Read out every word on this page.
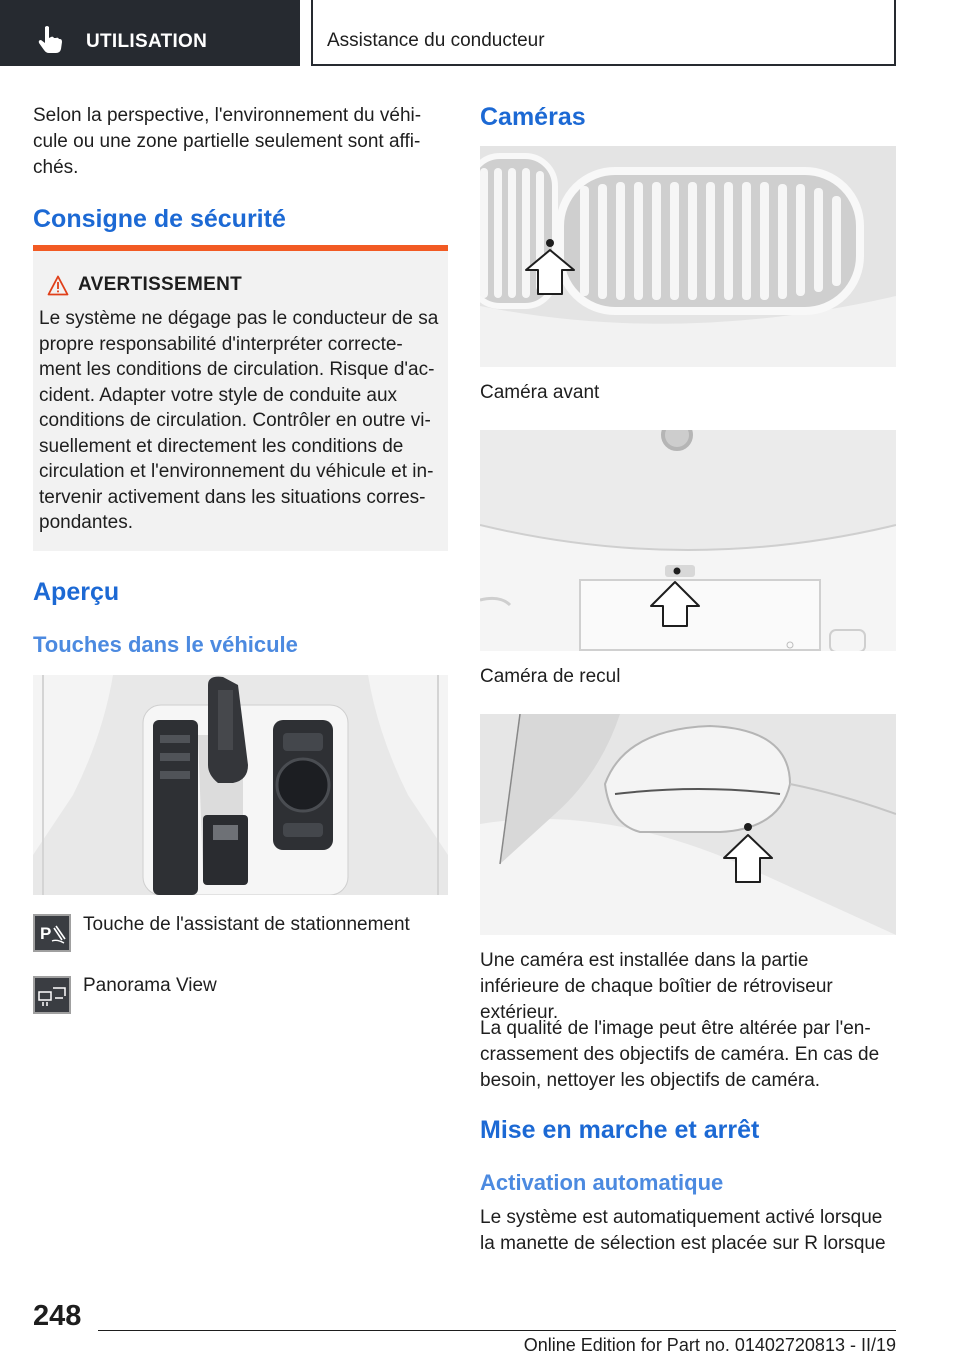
UTILISATION	Assistance du conducteur

Selon la perspective, l'environnement du véhi‐cule ou une zone partielle seulement sont affi‐chés.

Consigne de sécurité
AVERTISSEMENT

Le système ne dégage pas le conducteur de sa propre responsabilité d'interpréter correcte‐ment les conditions de circulation. Risque d'ac‐cident. Adapter votre style de conduite aux conditions de circulation. Contrôler en outre vi‐suellement et directement les conditions de circulation et l'environnement du véhicule et in‐tervenir activement dans les situations corres‐pondantes.

Aperçu
Touches dans le véhicule
P Touche de l'assistant de stationnement
Panorama View
Caméras
Caméra avant
Caméra de recul

Une caméra est installée dans la partie inférieure de chaque boîtier de rétroviseur extérieur.

La qualité de l'image peut être altérée par l'en‐crassement des objectifs de caméra. En cas de besoin, nettoyer les objectifs de caméra.

Mise en marche et arrêt
Activation automatique

Le système est automatiquement activé lorsque la manette de sélection est placée sur R lorsque

248
Online Edition for Part no. 01402720813 - II/19
